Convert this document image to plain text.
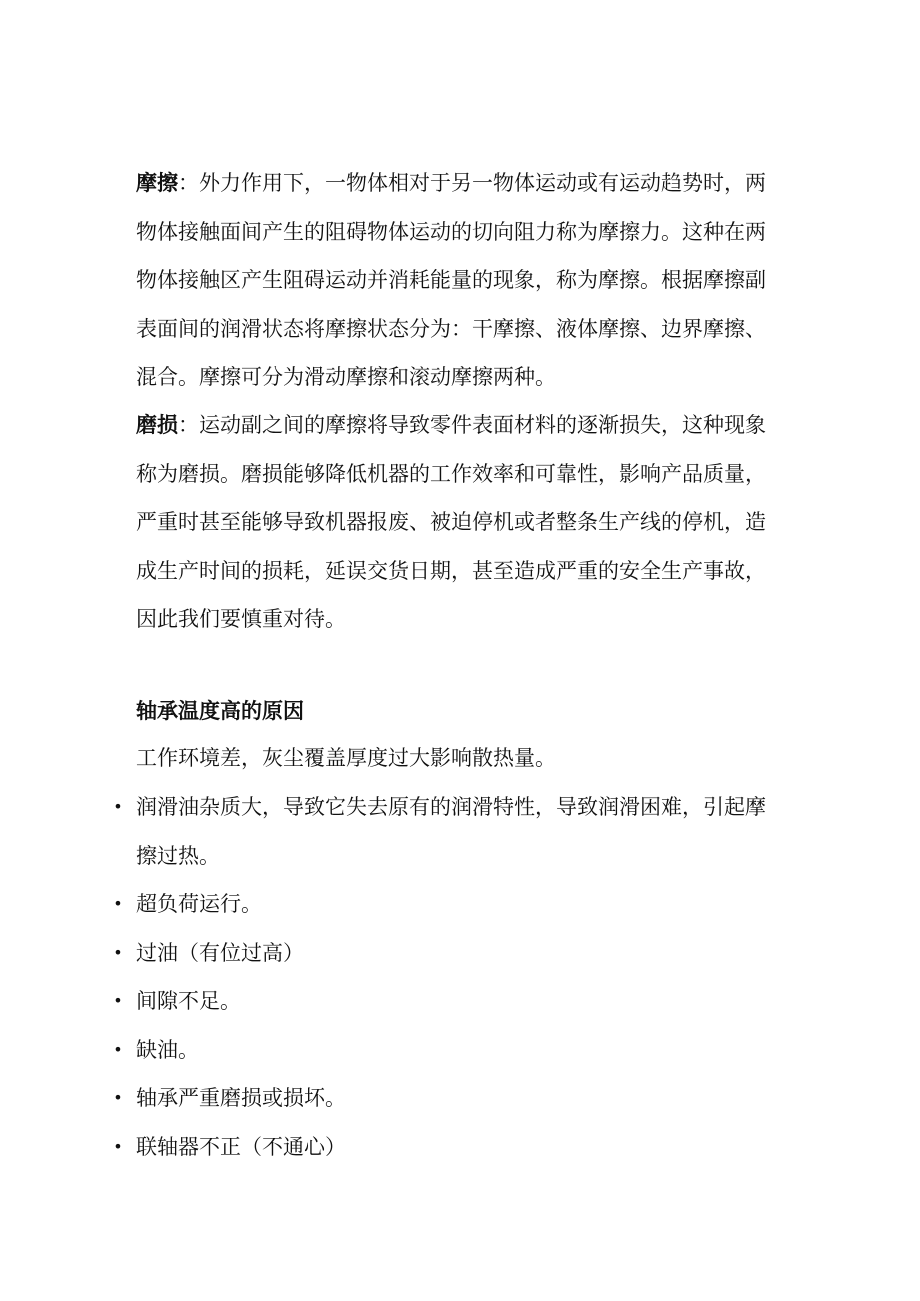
摩擦：外力作用下，一物体相对于另一物体运动或有运动趋势时，两物体接触面间产生的阻碍物体运动的切向阻力称为摩擦力。这种在两物体接触区产生阻碍运动并消耗能量的现象，称为摩擦。根据摩擦副表面间的润滑状态将摩擦状态分为：干摩擦、液体摩擦、边界摩擦、混合。摩擦可分为滑动摩擦和滚动摩擦两种。

磨损：运动副之间的摩擦将导致零件表面材料的逐渐损失，这种现象称为磨损。磨损能够降低机器的工作效率和可靠性，影响产品质量，严重时甚至能够导致机器报废、被迫停机或者整条生产线的停机，造成生产时间的损耗，延误交货日期，甚至造成严重的安全生产事故，因此我们要慎重对待。

轴承温度高的原因

工作环境差，灰尘覆盖厚度过大影响散热量。

• 润滑油杂质大，导致它失去原有的润滑特性，导致润滑困难，引起摩擦过热。
• 超负荷运行。
• 过油（有位过高）
• 间隙不足。
• 缺油。
• 轴承严重磨损或损坏。
• 联轴器不正（不通心）
